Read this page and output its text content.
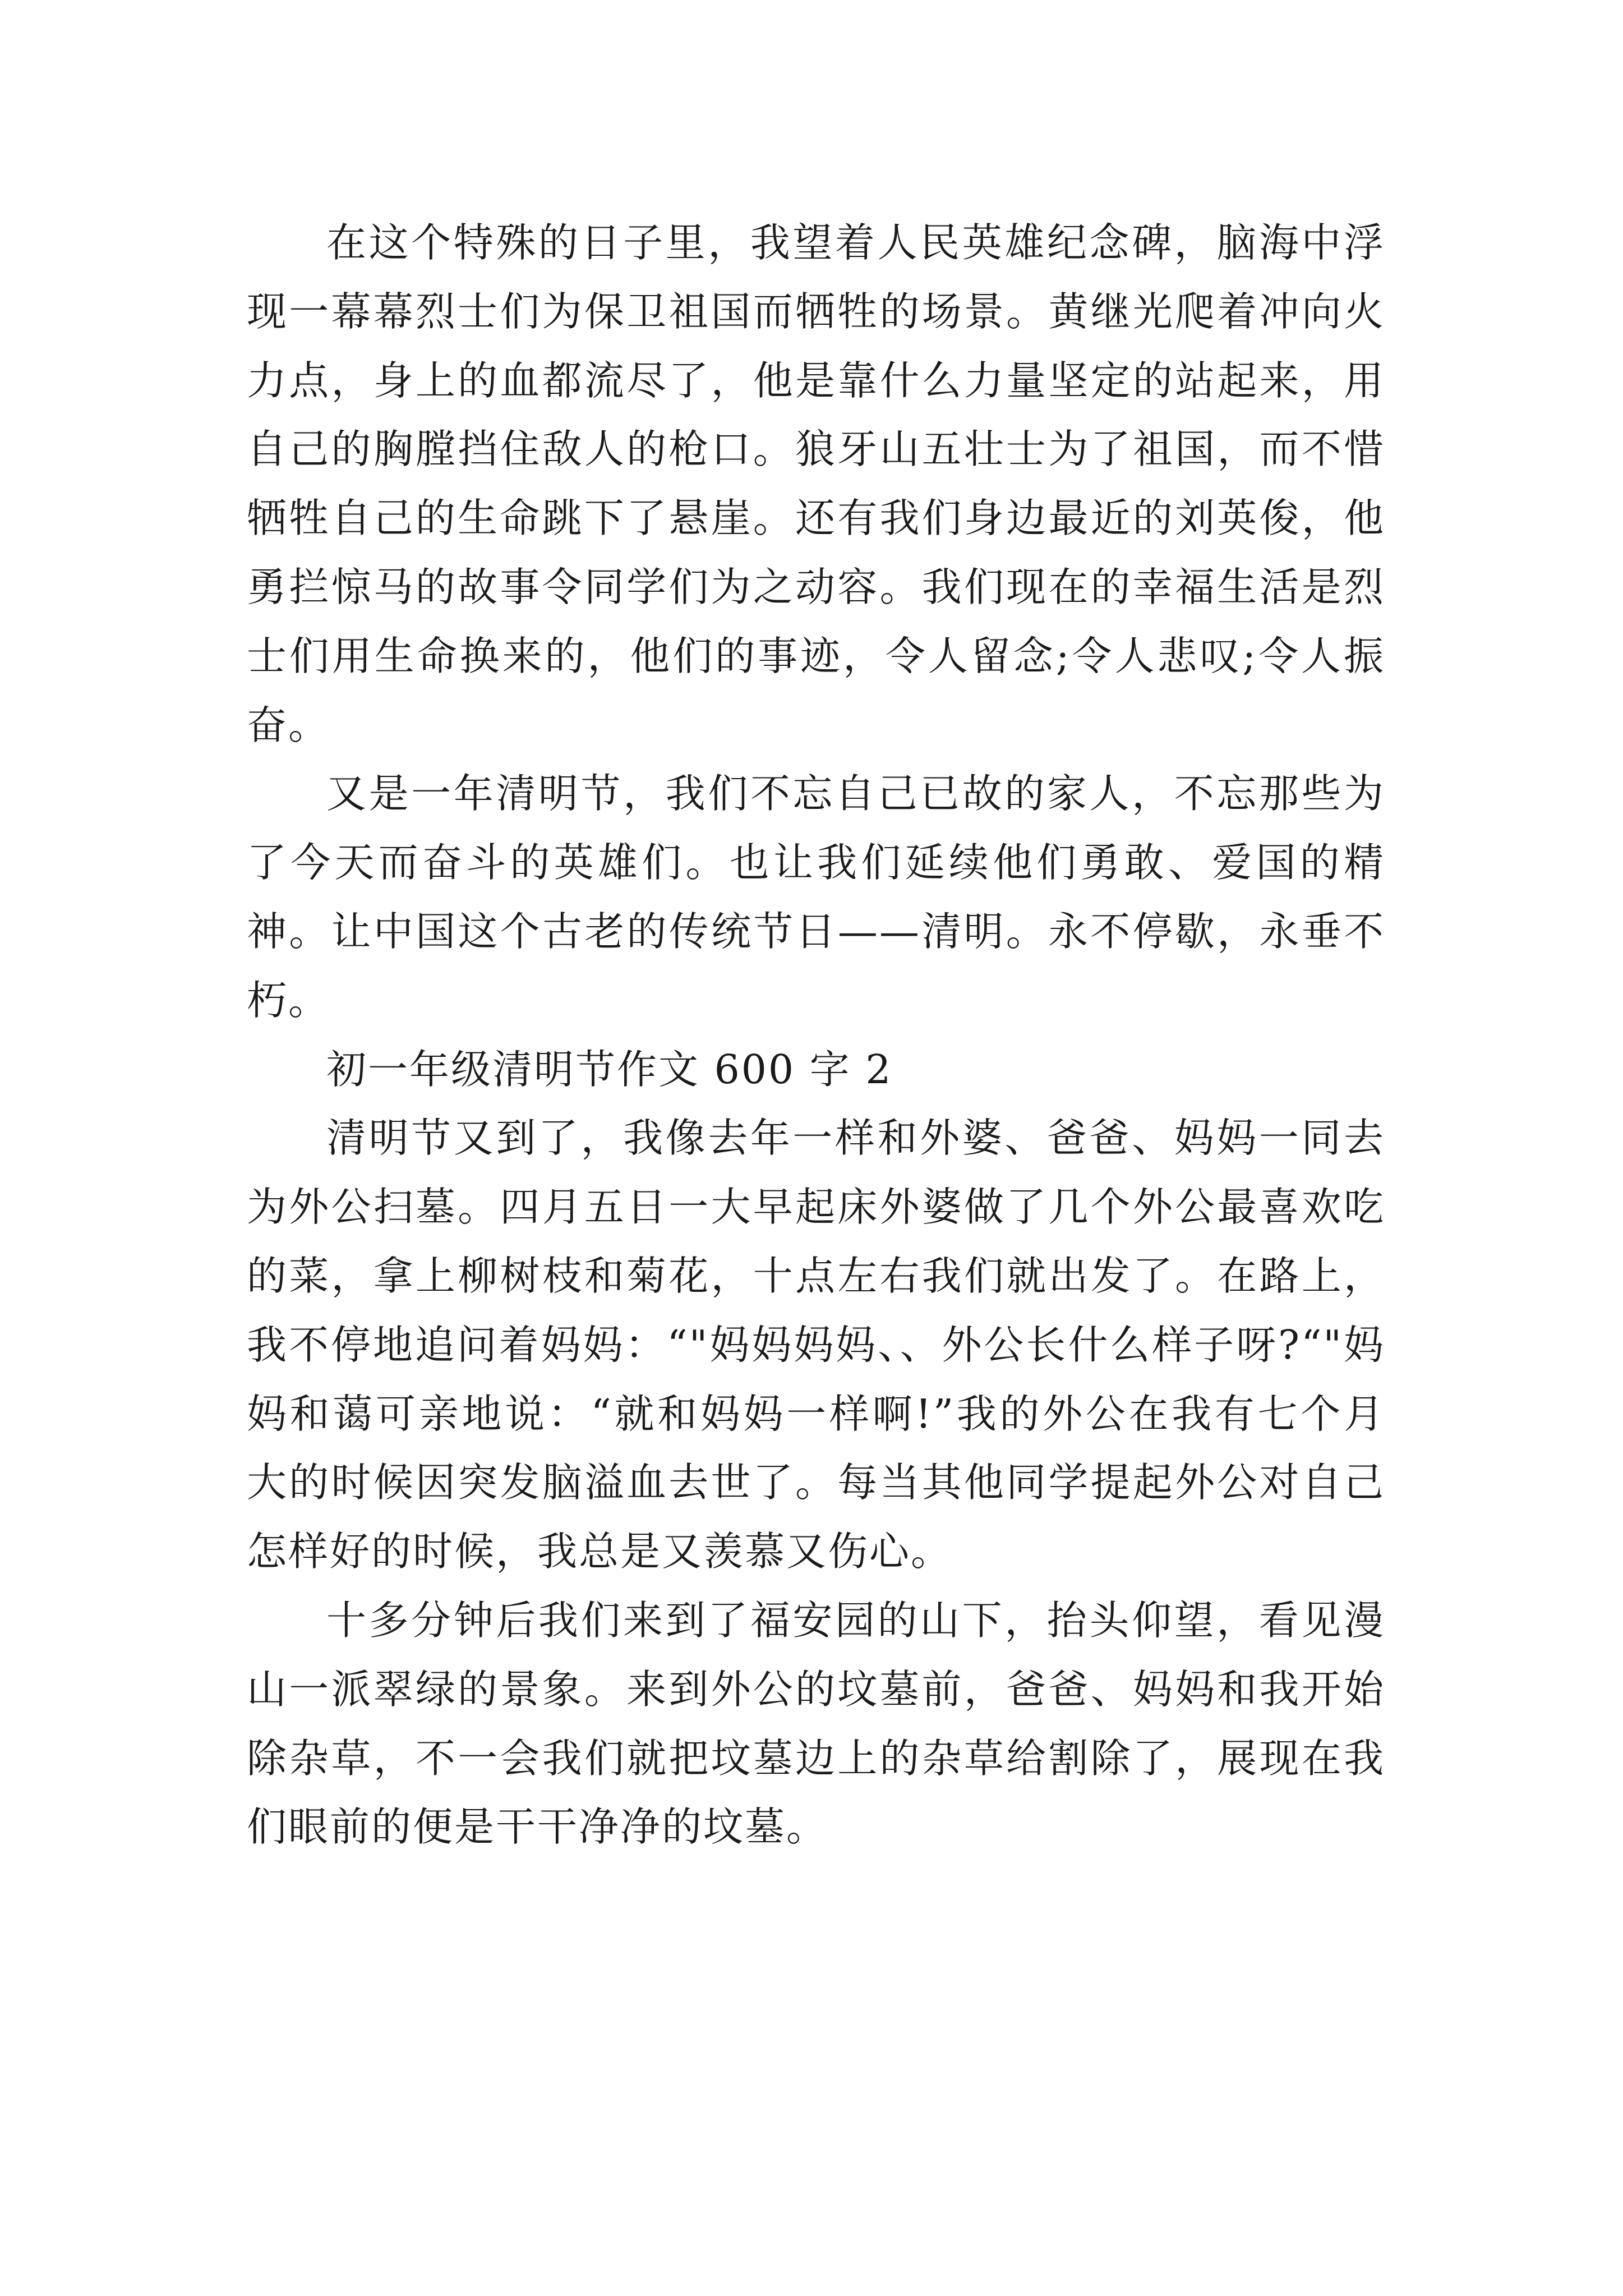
在这个特殊的日子里，我望着人民英雄纪念碑，脑海中浮现一幕幕烈士们为保卫祖国而牺牲的场景。黄继光爬着冲向火力点，身上的血都流尽了，他是靠什么力量坚定的站起来，用自己的胸膛挡住敌人的枪口。狼牙山五壮士为了祖国，而不惜牺牲自己的生命跳下了悬崖。还有我们身边最近的刘英俊，他勇拦惊马的故事令同学们为之动容。我们现在的幸福生活是烈士们用生命换来的，他们的事迹，令人留念;令人悲叹;令人振奋。

又是一年清明节，我们不忘自己已故的家人，不忘那些为了今天而奋斗的英雄们。也让我们延续他们勇敢、爱国的精神。让中国这个古老的传统节日——清明。永不停歇，永垂不朽。

初一年级清明节作文 600 字 2

清明节又到了，我像去年一样和外婆、爸爸、妈妈一同去为外公扫墓。四月五日一大早起床外婆做了几个外公最喜欢吃的菜，拿上柳树枝和菊花，十点左右我们就出发了。在路上，我不停地追问着妈妈：“"妈妈妈妈、、外公长什么样子呀?“"妈妈和蔼可亲地说：“就和妈妈一样啊!”我的外公在我有七个月大的时候因突发脑溢血去世了。每当其他同学提起外公对自己怎样好的时候，我总是又羡慕又伤心。

十多分钟后我们来到了福安园的山下，抬头仰望，看见漫山一派翠绿的景象。来到外公的坟墓前，爸爸、妈妈和我开始除杂草，不一会我们就把坟墓边上的杂草给割除了，展现在我们眼前的便是干干净净的坟墓。
